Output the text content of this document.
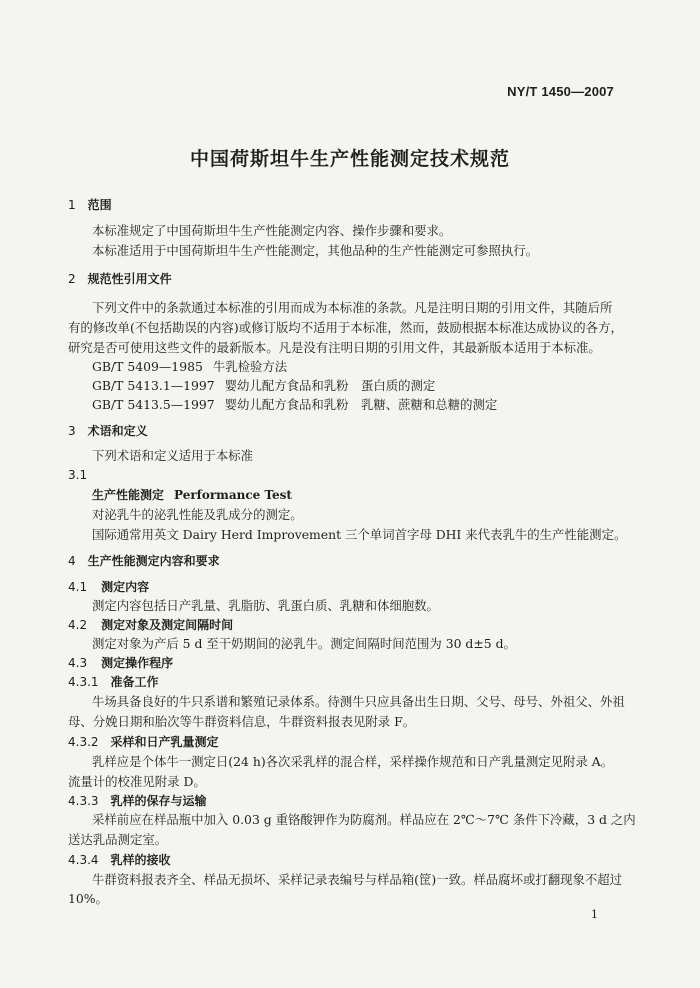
NY/T 1450—2007
中国荷斯坦牛生产性能测定技术规范
1 范围
本标准规定了中国荷斯坦牛生产性能测定内容、操作步骤和要求。
本标准适用于中国荷斯坦牛生产性能测定，其他品种的生产性能测定可参照执行。
2 规范性引用文件
下列文件中的条款通过本标准的引用而成为本标准的条款。凡是注明日期的引用文件，其随后所
有的修改单(不包括勘误的内容)或修订版均不适用于本标准，然而，鼓励根据本标准达成协议的各方，
研究是否可使用这些文件的最新版本。凡是没有注明日期的引用文件，其最新版本适用于本标准。
GB/T 5409—1985 牛乳检验方法
GB/T 5413.1—1997 婴幼儿配方食品和乳粉　蛋白质的测定
GB/T 5413.5—1997 婴幼儿配方食品和乳粉　乳糖、蔗糖和总糖的测定
3 术语和定义
下列术语和定义适用于本标准
3.1
生产性能测定 Performance Test
对泌乳牛的泌乳性能及乳成分的测定。
国际通常用英文 Dairy Herd Improvement 三个单词首字母 DHI 来代表乳牛的生产性能测定。
4 生产性能测定内容和要求
4.1 测定内容
测定内容包括日产乳量、乳脂肪、乳蛋白质、乳糖和体细胞数。
4.2 测定对象及测定间隔时间
测定对象为产后 5 d 至干奶期间的泌乳牛。测定间隔时间范围为 30 d±5 d。
4.3 测定操作程序
4.3.1 准备工作
牛场具备良好的牛只系谱和繁殖记录体系。待测牛只应具备出生日期、父号、母号、外祖父、外祖
母、分娩日期和胎次等牛群资料信息，牛群资料报表见附录 F。
4.3.2 采样和日产乳量测定
乳样应是个体牛一测定日(24 h)各次采乳样的混合样，采样操作规范和日产乳量测定见附录 A。
流量计的校准见附录 D。
4.3.3 乳样的保存与运输
采样前应在样品瓶中加入 0.03 g 重铬酸钾作为防腐剂。样品应在 2℃～7℃ 条件下冷藏，3 d 之内
送达乳品测定室。
4.3.4 乳样的接收
牛群资料报表齐全、样品无损坏、采样记录表编号与样品箱(筐)一致。样品腐坏或打翻现象不超过
10%。
1
